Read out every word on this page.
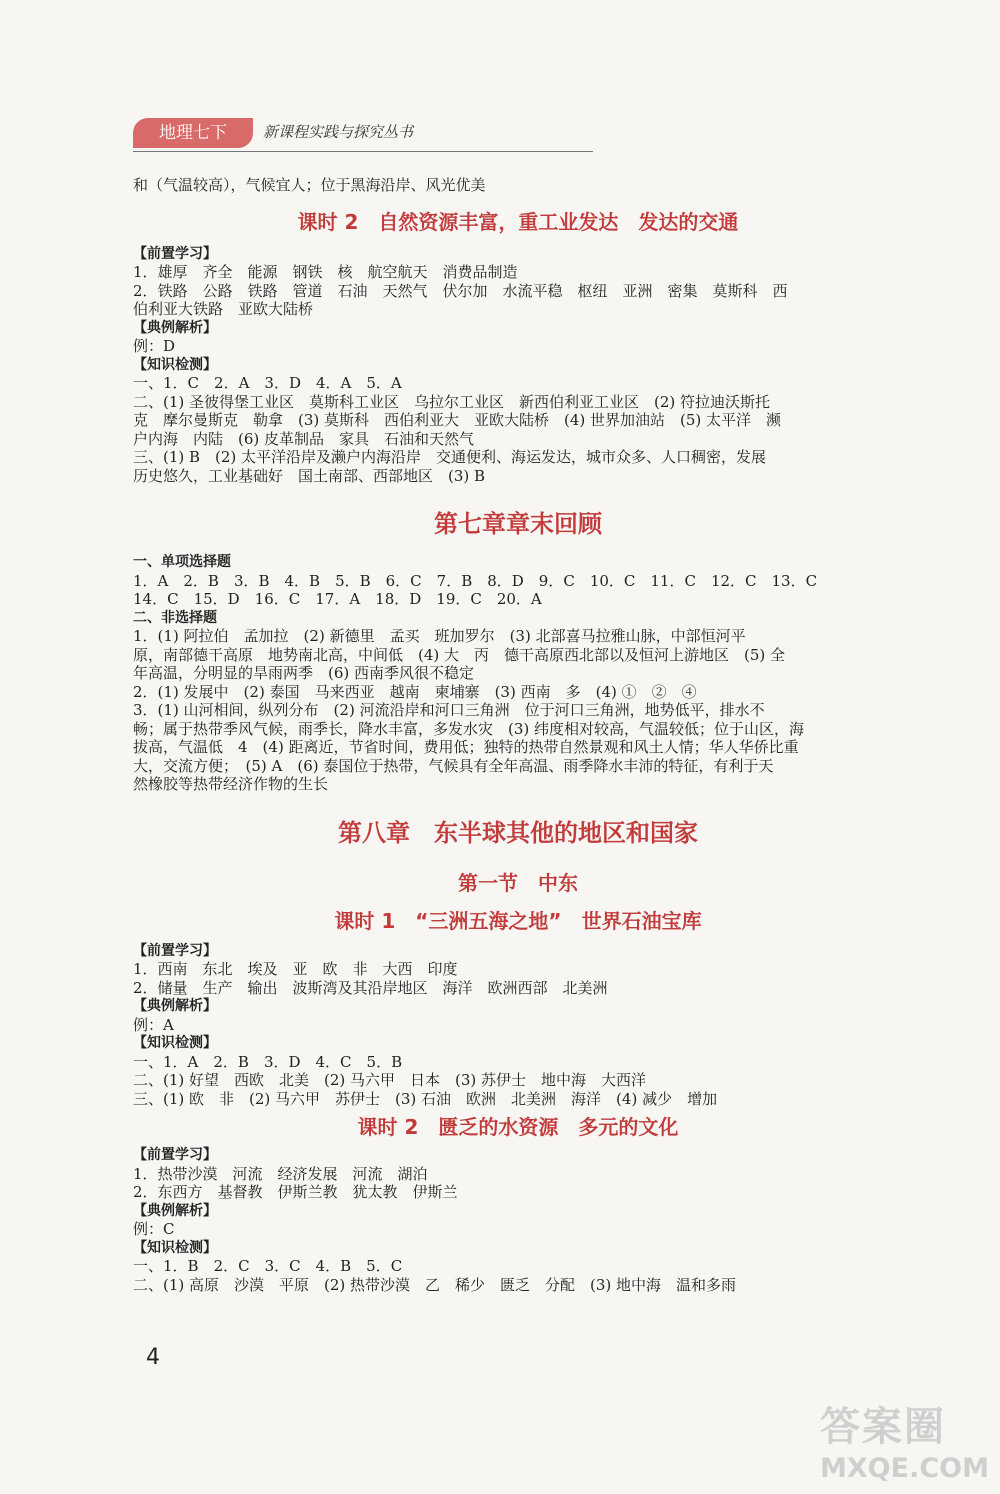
地理七下	新课程实践与探究丛书

和（气温较高），气候宜人；位于黑海沿岸、风光优美

课时 2　自然资源丰富，重工业发达　发达的交通

【前置学习】

1．雄厚　齐全　能源　钢铁　核　航空航天　消费品制造

2．铁路　公路　铁路　管道　石油　天然气　伏尔加　水流平稳　枢纽　亚洲　密集　莫斯科　西

伯利亚大铁路　亚欧大陆桥

【典例解析】

例：D

【知识检测】

一、1．C　2．A　3．D　4．A　5．A

二、(1) 圣彼得堡工业区　莫斯科工业区　乌拉尔工业区　新西伯利亚工业区　(2) 符拉迪沃斯托

克　摩尔曼斯克　勒拿　(3) 莫斯科　西伯利亚大　亚欧大陆桥　(4) 世界加油站　(5) 太平洋　濒

户内海　内陆　(6) 皮革制品　家具　石油和天然气

三、(1) B　(2) 太平洋沿岸及濑户内海沿岸　交通便利、海运发达，城市众多、人口稠密，发展

历史悠久，工业基础好　国土南部、西部地区　(3) B

第七章章末回顾

一、单项选择题

1．A　2．B　3．B　4．B　5．B　6．C　7．B　8．D　9．C　10．C　11．C　12．C　13．C

14．C　15．D　16．C　17．A　18．D　19．C　20．A

二、非选择题

1．(1) 阿拉伯　孟加拉　(2) 新德里　孟买　班加罗尔　(3) 北部喜马拉雅山脉，中部恒河平

原，南部德干高原　地势南北高，中间低　(4) 大　丙　德干高原西北部以及恒河上游地区　(5) 全

年高温，分明显的旱雨两季　(6) 西南季风很不稳定

2．(1) 发展中　(2) 泰国　马来西亚　越南　柬埔寨　(3) 西南　多　(4) ①　②　④

3．(1) 山河相间，纵列分布　(2) 河流沿岸和河口三角洲　位于河口三角洲，地势低平，排水不

畅；属于热带季风气候，雨季长，降水丰富，多发水灾　(3) 纬度相对较高，气温较低；位于山区，海

拔高，气温低　4　(4) 距离近，节省时间，费用低；独特的热带自然景观和风土人情；华人华侨比重

大，交流方便；　(5) A　(6) 泰国位于热带，气候具有全年高温、雨季降水丰沛的特征，有利于天

然橡胶等热带经济作物的生长

第八章　东半球其他的地区和国家

第一节　中东

课时 1　“三洲五海之地”　世界石油宝库

【前置学习】

1．西南　东北　埃及　亚　欧　非　大西　印度

2．储量　生产　输出　波斯湾及其沿岸地区　海洋　欧洲西部　北美洲

【典例解析】

例：A

【知识检测】

一、1．A　2．B　3．D　4．C　5．B

二、(1) 好望　西欧　北美　(2) 马六甲　日本　(3) 苏伊士　地中海　大西洋

三、(1) 欧　非　(2) 马六甲　苏伊士　(3) 石油　欧洲　北美洲　海洋　(4) 减少　增加

课时 2　匮乏的水资源　多元的文化

【前置学习】

1．热带沙漠　河流　经济发展　河流　湖泊

2．东西方　基督教　伊斯兰教　犹太教　伊斯兰

【典例解析】

例：C

【知识检测】

一、1．B　2．C　3．C　4．B　5．C

二、(1) 高原　沙漠　平原　(2) 热带沙漠　乙　稀少　匮乏　分配　(3) 地中海　温和多雨

4
答案圈
MXQE.COM
